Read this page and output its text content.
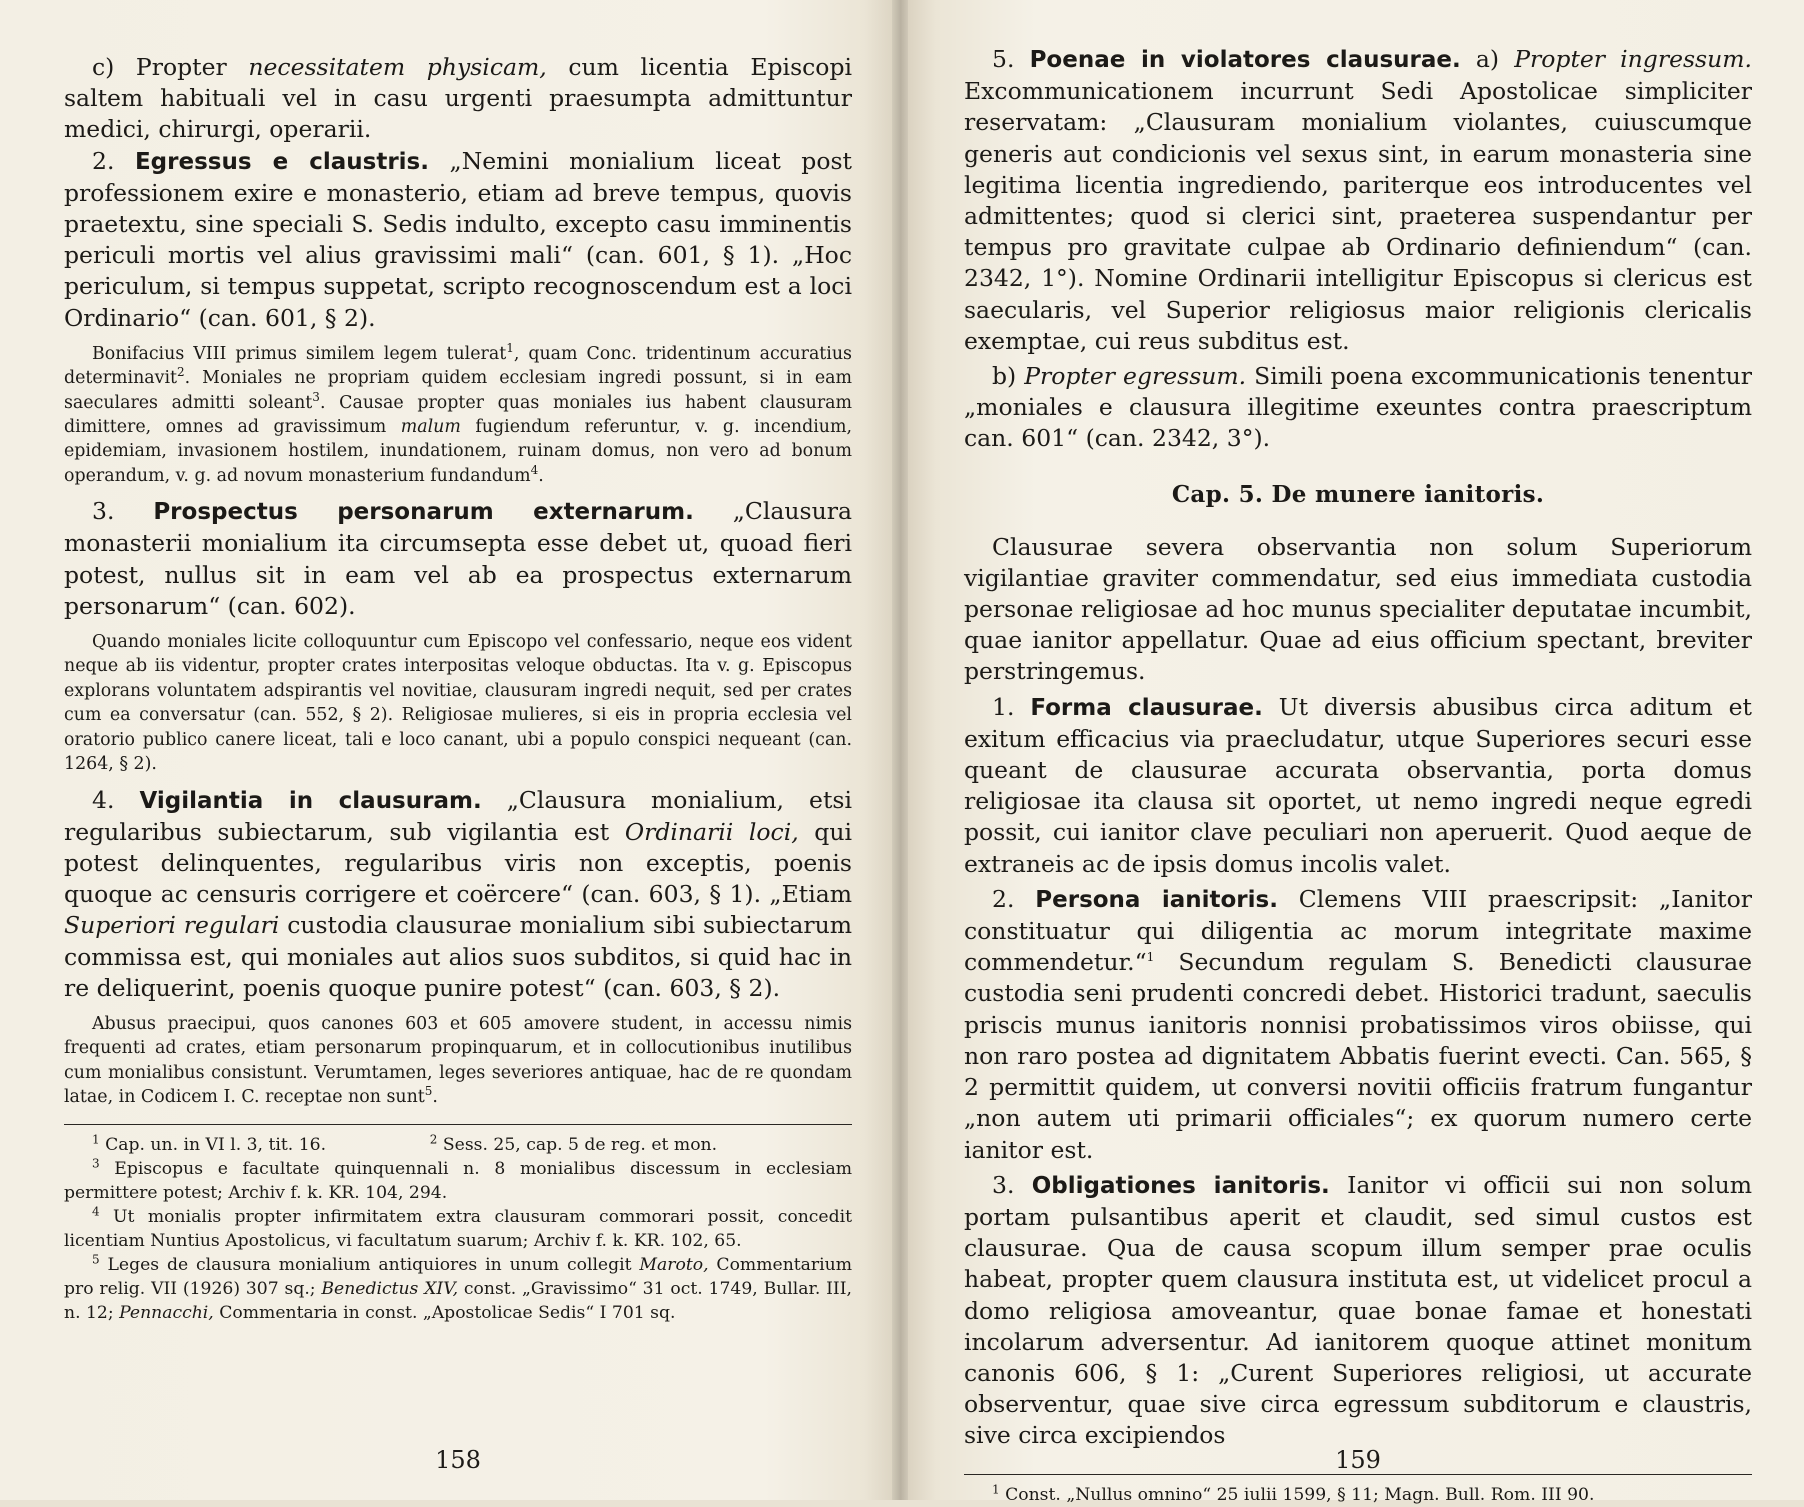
c) Propter necessitatem physicam, cum licentia Episcopi saltem habituali vel in casu urgenti praesumpta admittuntur medici, chirurgi, operarii.

2. Egressus e claustris. „Nemini monialium liceat post professionem exire e monasterio, etiam ad breve tempus, quovis praetextu, sine speciali S. Sedis indulto, excepto casu imminentis periculi mortis vel alius gravissimi mali“ (can. 601, § 1). „Hoc periculum, si tempus suppetat, scripto recognoscendum est a loci Ordinario“ (can. 601, § 2).

Bonifacius VIII primus similem legem tulerat$^1$, quam Conc. tridentinum accuratius determinavit$^2$. Moniales ne propriam quidem ecclesiam ingredi possunt, si in eam saeculares admitti soleant$^3$. Causae propter quas moniales ius habent clausuram dimittere, omnes ad gravissimum malum fugiendum referuntur, v. g. incendium, epidemiam, invasionem hostilem, inundationem, ruinam domus, non vero ad bonum operandum, v. g. ad novum monasterium fundandum$^4$.

3. Prospectus personarum externarum. „Clausura monasterii monialium ita circumsepta esse debet ut, quoad fieri potest, nullus sit in eam vel ab ea prospectus externarum personarum“ (can. 602).

Quando moniales licite colloquuntur cum Episcopo vel confessario, neque eos vident neque ab iis videntur, propter crates interpositas veloque obductas. Ita v. g. Episcopus explorans voluntatem adspirantis vel novitiae, clausuram ingredi nequit, sed per crates cum ea conversatur (can. 552, § 2). Religiosae mulieres, si eis in propria ecclesia vel oratorio publico canere liceat, tali e loco canant, ubi a populo conspici nequeant (can. 1264, § 2).

4. Vigilantia in clausuram. „Clausura monialium, etsi regularibus subiectarum, sub vigilantia est Ordinarii loci, qui potest delinquentes, regularibus viris non exceptis, poenis quoque ac censuris corrigere et coërcere“ (can. 603, § 1). „Etiam Superiori regulari custodia clausurae monialium sibi subiectarum commissa est, qui moniales aut alios suos subditos, si quid hac in re deliquerint, poenis quoque punire potest“ (can. 603, § 2).

Abusus praecipui, quos canones 603 et 605 amovere student, in accessu nimis frequenti ad crates, etiam personarum propinquarum, et in collocutionibus inutilibus cum monialibus consistunt. Verumtamen, leges severiores antiquae, hac de re quondam latae, in Codicem I. C. receptae non sunt$^5$.

$^1$ Cap. un. in VI l. 3, tit. 16.	$^2$ Sess. 25, cap. 5 de reg. et mon.

$^3$ Episcopus e facultate quinquennali n. 8 monialibus discessum in ecclesiam permittere potest; Archiv f. k. KR. 104, 294.

$^4$ Ut monialis propter infirmitatem extra clausuram commorari possit, concedit licentiam Nuntius Apostolicus, vi facultatum suarum; Archiv f. k. KR. 102, 65.

$^5$ Leges de clausura monialium antiquiores in unum collegit Maroto, Commentarium pro relig. VII (1926) 307 sq.; Benedictus XIV, const. „Gravissimo“ 31 oct. 1749, Bullar. III, n. 12; Pennacchi, Commentaria in const. „Apostolicae Sedis“ I 701 sq.

158

5. Poenae in violatores clausurae. a) Propter ingressum. Excommunicationem incurrunt Sedi Apostolicae simpliciter reservatam: „Clausuram monialium violantes, cuiuscumque generis aut condicionis vel sexus sint, in earum monasteria sine legitima licentia ingrediendo, pariterque eos introducentes vel admittentes; quod si clerici sint, praeterea suspendantur per tempus pro gravitate culpae ab Ordinario definiendum“ (can. 2342, 1°). Nomine Ordinarii intelligitur Episcopus si clericus est saecularis, vel Superior religiosus maior religionis clericalis exemptae, cui reus subditus est.

b) Propter egressum. Simili poena excommunicationis tenentur „moniales e clausura illegitime exeuntes contra praescriptum can. 601“ (can. 2342, 3°).

Cap. 5. De munere ianitoris.

Clausurae severa observantia non solum Superiorum vigilantiae graviter commendatur, sed eius immediata custodia personae religiosae ad hoc munus specialiter deputatae incumbit, quae ianitor appellatur. Quae ad eius officium spectant, breviter perstringemus.

1. Forma clausurae. Ut diversis abusibus circa aditum et exitum efficacius via praecludatur, utque Superiores securi esse queant de clausurae accurata observantia, porta domus religiosae ita clausa sit oportet, ut nemo ingredi neque egredi possit, cui ianitor clave peculiari non aperuerit. Quod aeque de extraneis ac de ipsis domus incolis valet.

2. Persona ianitoris. Clemens VIII praescripsit: „Ianitor constituatur qui diligentia ac morum integritate maxime commendetur.“$^1$ Secundum regulam S. Benedicti clausurae custodia seni prudenti concredi debet. Historici tradunt, saeculis priscis munus ianitoris nonnisi probatissimos viros obiisse, qui non raro postea ad dignitatem Abbatis fuerint evecti. Can. 565, § 2 permittit quidem, ut conversi novitii officiis fratrum fungantur „non autem uti primarii officiales“; ex quorum numero certe ianitor est.

3. Obligationes ianitoris. Ianitor vi officii sui non solum portam pulsantibus aperit et claudit, sed simul custos est clausurae. Qua de causa scopum illum semper prae oculis habeat, propter quem clausura instituta est, ut videlicet procul a domo religiosa amoveantur, quae bonae famae et honestati incolarum adversentur. Ad ianitorem quoque attinet monitum canonis 606, § 1: „Curent Superiores religiosi, ut accurate observentur, quae sive circa egressum subditorum e claustris, sive circa excipiendos

$^1$ Const. „Nullus omnino“ 25 iulii 1599, § 11; Magn. Bull. Rom. III 90.

159
